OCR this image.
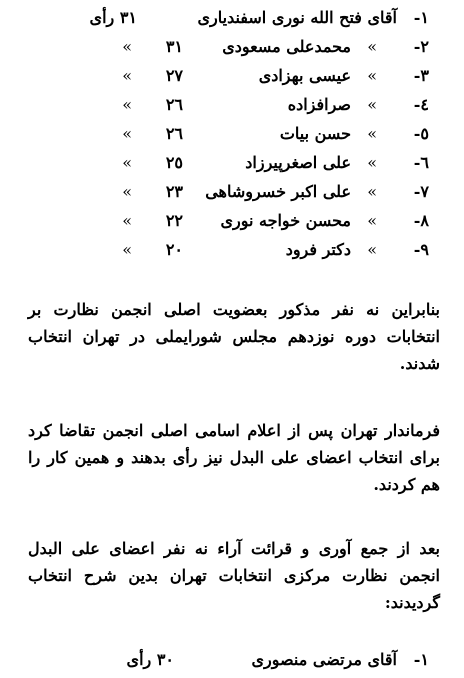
۱-
آقای فتح الله نوری اسفندیاری
۳۱ رأی
۲-
محمدعلی مسعودی »
۳۱
»
۳-
عیسی بهزادی »
۲۷
»
٤-
صرافزاده »
۲٦
»
٥-
حسن بیات »
۲٦
»
٦-
علی اصغرپیرزاد »
۲٥
»
۷-
علی اکبر خسروشاهی »
۲۳
»
۸-
محسن خواجه نوری »
۲۲
»
۹-
دکتر فرود »
۲۰
»
بنابراین نه نفر مذکور بعضویت اصلی انجمن نظارت بر انتخابات دوره نوزدهم مجلس شورایملی در تهران انتخاب شدند.
فرماندار تهران پس از اعلام اسامی اصلی انجمن تقاضا کرد برای انتخاب اعضای علی البدل نیز رأی بدهند و همین کار را هم کردند.
بعد از جمع آوری و قرائت آراء نه نفر اعضای علی البدل انجمن نظارت مرکزی انتخابات تهران بدین شرح انتخاب گردیدند:
۱-
آقای مرتضی منصوری
۳۰ رأی
